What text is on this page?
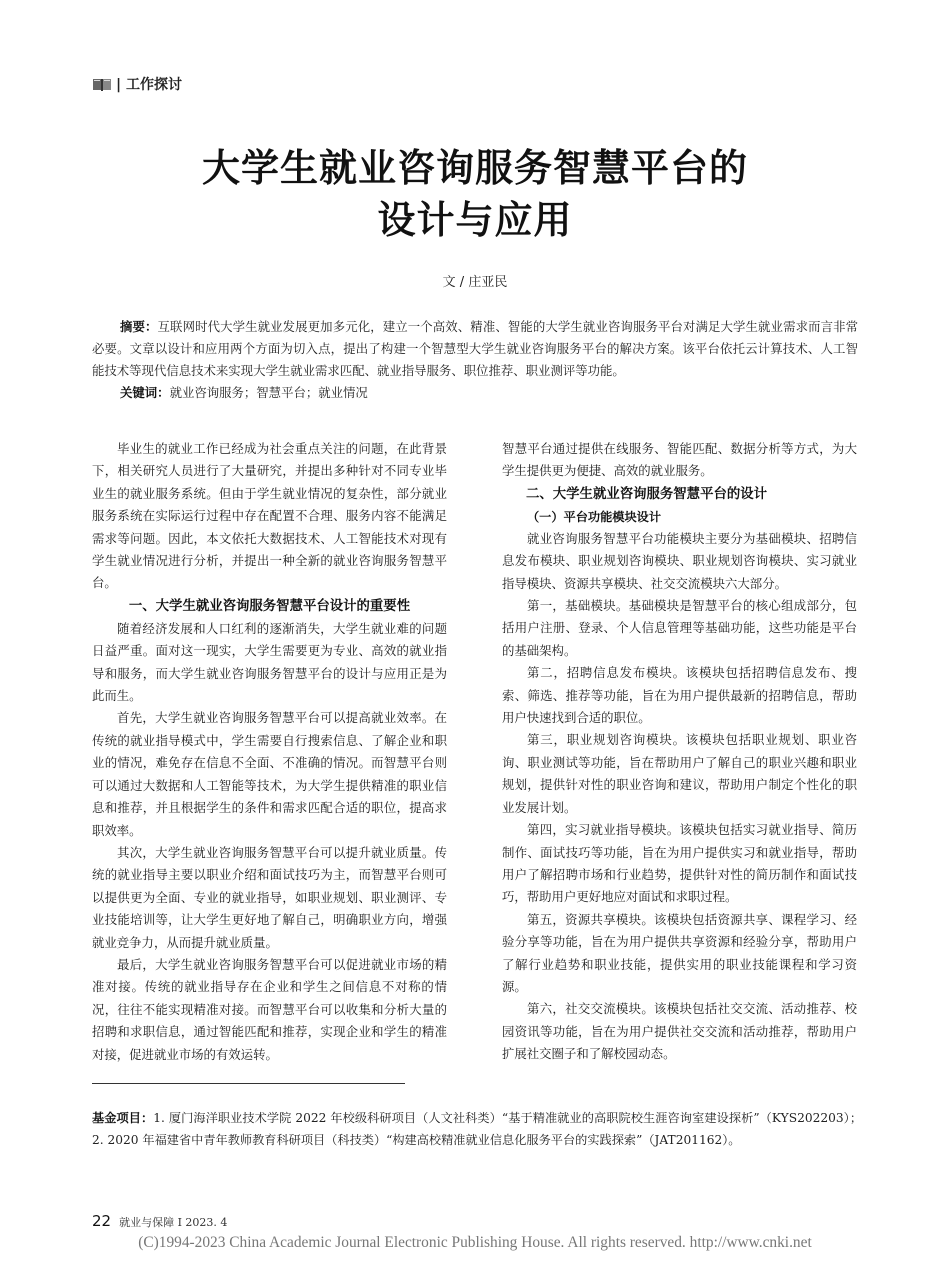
| 工作探讨
大学生就业咨询服务智慧平台的
设计与应用
文 / 庄亚民

摘要：互联网时代大学生就业发展更加多元化，建立一个高效、精准、智能的大学生就业咨询服务平台对满足大学生就业需求而言非常必要。文章以设计和应用两个方面为切入点，提出了构建一个智慧型大学生就业咨询服务平台的解决方案。该平台依托云计算技术、人工智能技术等现代信息技术来实现大学生就业需求匹配、就业指导服务、职位推荐、职业测评等功能。

关键词：就业咨询服务；智慧平台；就业情况

毕业生的就业工作已经成为社会重点关注的问题，在此背景下，相关研究人员进行了大量研究，并提出多种针对不同专业毕业生的就业服务系统。但由于学生就业情况的复杂性，部分就业服务系统在实际运行过程中存在配置不合理、服务内容不能满足需求等问题。因此，本文依托大数据技术、人工智能技术对现有学生就业情况进行分析，并提出一种全新的就业咨询服务智慧平台。

一、大学生就业咨询服务智慧平台设计的重要性

随着经济发展和人口红利的逐渐消失，大学生就业难的问题日益严重。面对这一现实，大学生需要更为专业、高效的就业指导和服务，而大学生就业咨询服务智慧平台的设计与应用正是为此而生。

首先，大学生就业咨询服务智慧平台可以提高就业效率。在传统的就业指导模式中，学生需要自行搜索信息、了解企业和职业的情况，难免存在信息不全面、不准确的情况。而智慧平台则可以通过大数据和人工智能等技术，为大学生提供精准的职业信息和推荐，并且根据学生的条件和需求匹配合适的职位，提高求职效率。

其次，大学生就业咨询服务智慧平台可以提升就业质量。传统的就业指导主要以职业介绍和面试技巧为主，而智慧平台则可以提供更为全面、专业的就业指导，如职业规划、职业测评、专业技能培训等，让大学生更好地了解自己，明确职业方向，增强就业竞争力，从而提升就业质量。

最后，大学生就业咨询服务智慧平台可以促进就业市场的精准对接。传统的就业指导存在企业和学生之间信息不对称的情况，往往不能实现精准对接。而智慧平台可以收集和分析大量的招聘和求职信息，通过智能匹配和推荐，实现企业和学生的精准对接，促进就业市场的有效运转。

智慧平台通过提供在线服务、智能匹配、数据分析等方式，为大学生提供更为便捷、高效的就业服务。

二、大学生就业咨询服务智慧平台的设计
（一）平台功能模块设计

就业咨询服务智慧平台功能模块主要分为基础模块、招聘信息发布模块、职业规划咨询模块、职业规划咨询模块、实习就业指导模块、资源共享模块、社交交流模块六大部分。

第一，基础模块。基础模块是智慧平台的核心组成部分，包括用户注册、登录、个人信息管理等基础功能，这些功能是平台的基础架构。

第二，招聘信息发布模块。该模块包括招聘信息发布、搜索、筛选、推荐等功能，旨在为用户提供最新的招聘信息，帮助用户快速找到合适的职位。

第三，职业规划咨询模块。该模块包括职业规划、职业咨询、职业测试等功能，旨在帮助用户了解自己的职业兴趣和职业规划，提供针对性的职业咨询和建议，帮助用户制定个性化的职业发展计划。

第四，实习就业指导模块。该模块包括实习就业指导、简历制作、面试技巧等功能，旨在为用户提供实习和就业指导，帮助用户了解招聘市场和行业趋势，提供针对性的简历制作和面试技巧，帮助用户更好地应对面试和求职过程。

第五，资源共享模块。该模块包括资源共享、课程学习、经验分享等功能，旨在为用户提供共享资源和经验分享，帮助用户了解行业趋势和职业技能，提供实用的职业技能课程和学习资源。

第六，社交交流模块。该模块包括社交交流、活动推荐、校园资讯等功能，旨在为用户提供社交交流和活动推荐，帮助用户扩展社交圈子和了解校园动态。

基金项目：1. 厦门海洋职业技术学院 2022 年校级科研项目（人文社科类）“基于精准就业的高职院校生涯咨询室建设探析”（KYS202203）；2. 2020 年福建省中青年教师教育科研项目（科技类）“构建高校精准就业信息化服务平台的实践探索”（JAT201162）。
22 就业与保障 I 2023. 4
(C)1994-2023 China Academic Journal Electronic Publishing House. All rights reserved. http://www.cnki.net
